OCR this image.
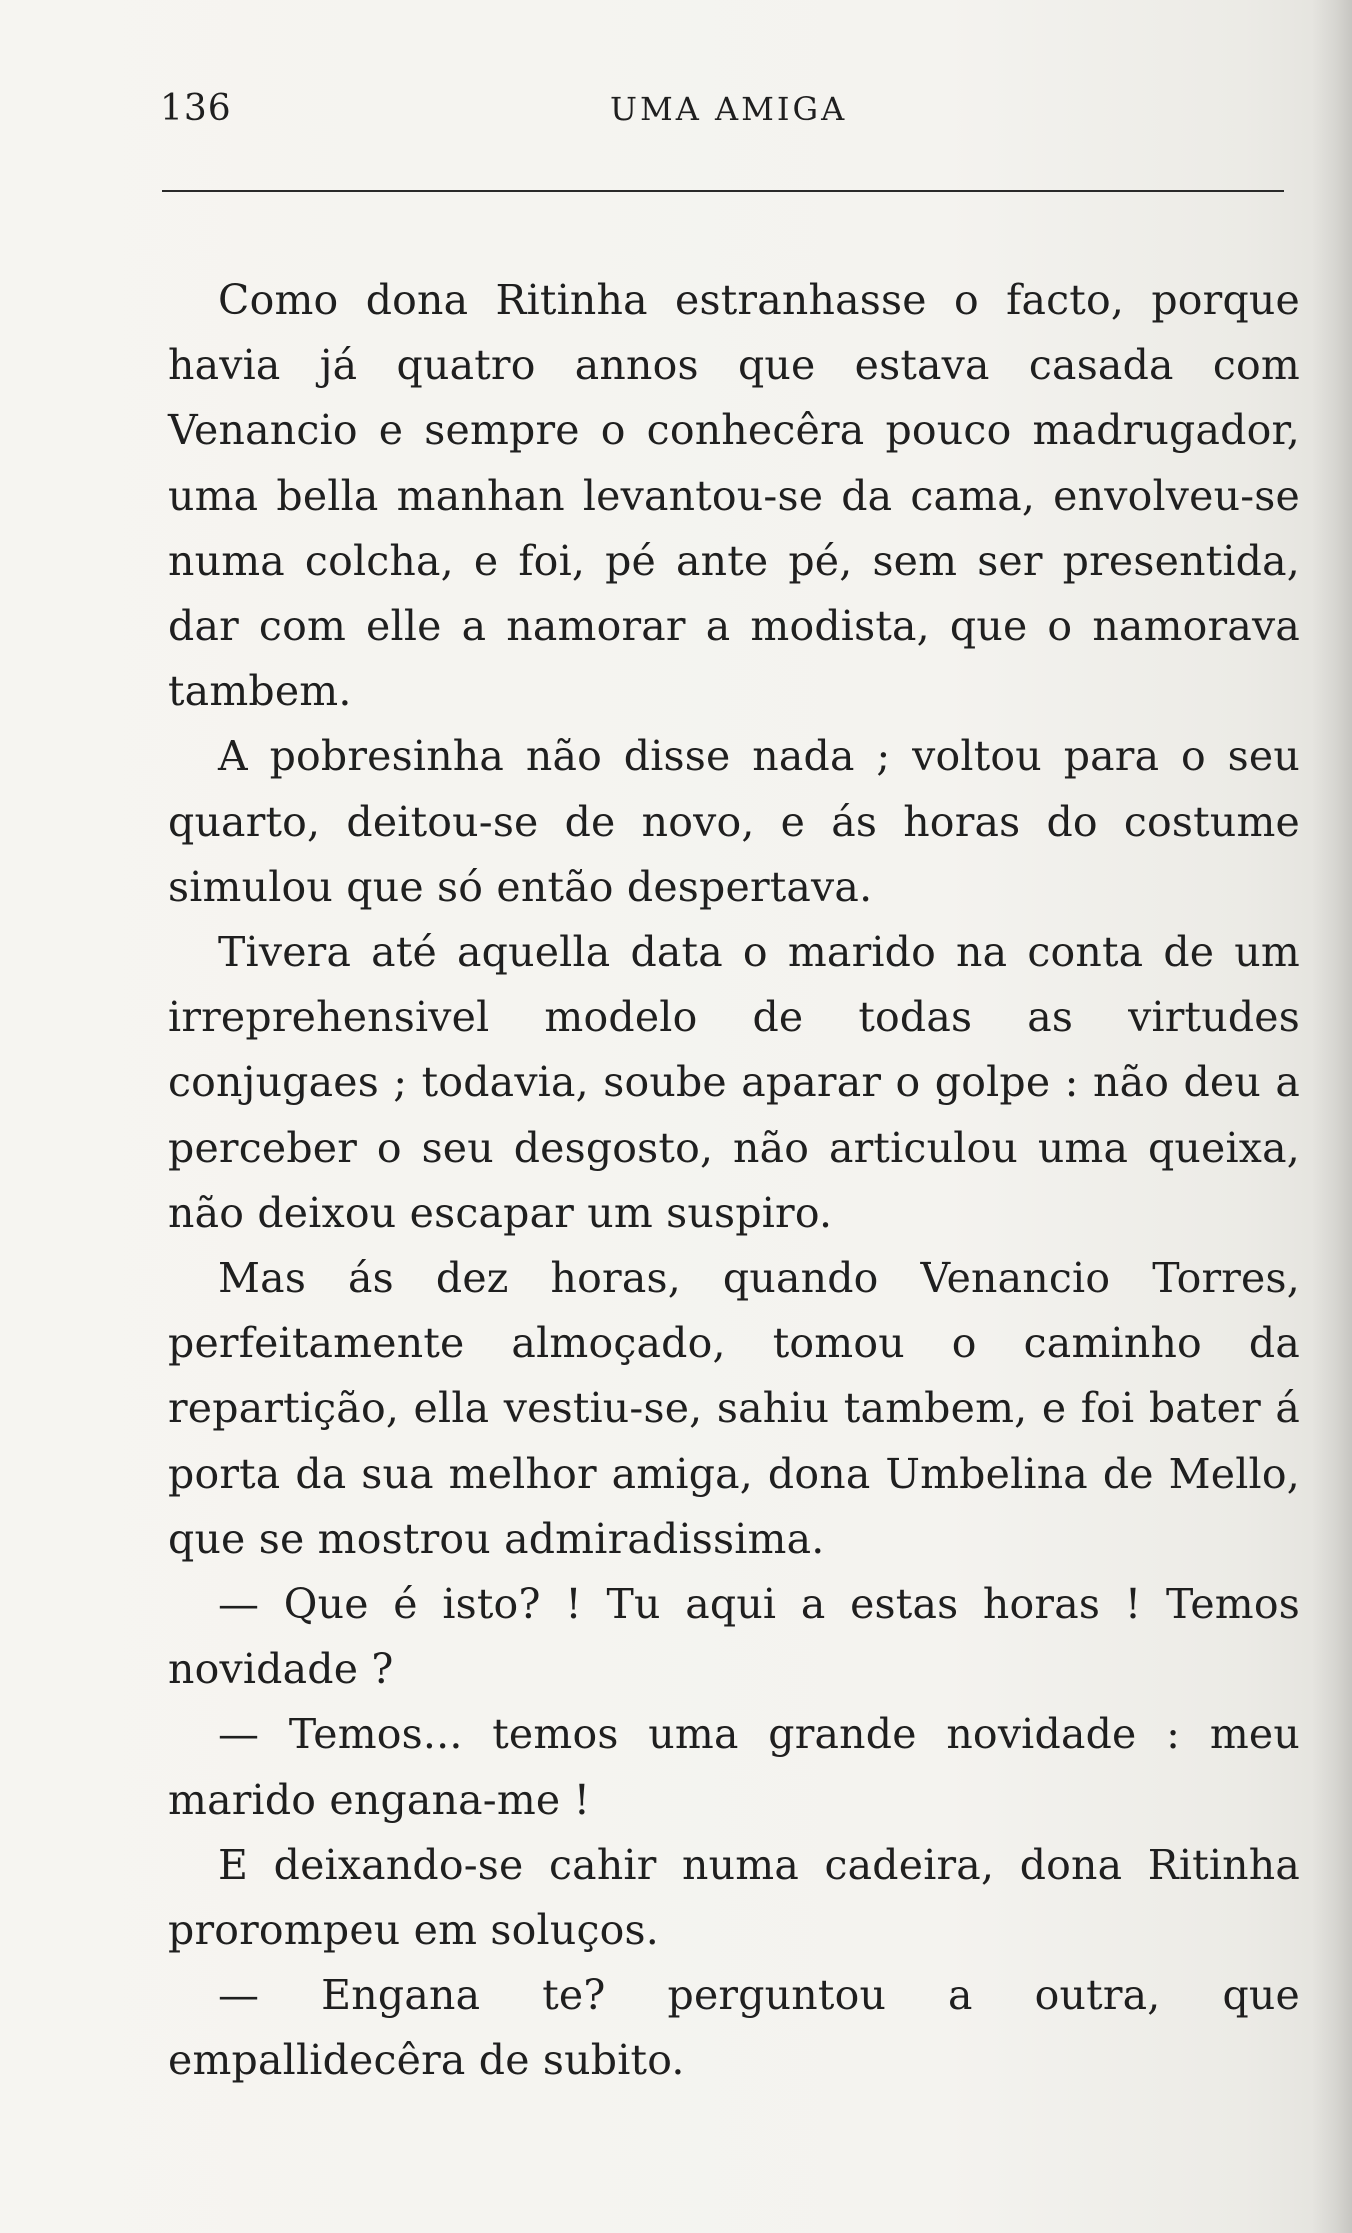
136	UMA AMIGA

Como dona Ritinha estranhasse o facto, porque havia já quatro annos que estava casada com Venancio e sempre o conhecêra pouco madrugador, uma bella manhan levantou-se da cama, envolveu-se numa colcha, e foi, pé ante pé, sem ser presentida, dar com elle a namorar a modista, que o namorava tambem.

A pobresinha não disse nada ; voltou para o seu quarto, deitou-se de novo, e ás horas do costume simulou que só então despertava.

Tivera até aquella data o marido na conta de um irreprehensivel modelo de todas as virtudes conjugaes ; todavia, soube aparar o golpe : não deu a perceber o seu desgosto, não articulou uma queixa, não deixou escapar um suspiro.

Mas ás dez horas, quando Venancio Torres, perfeitamente almoçado, tomou o caminho da repartição, ella vestiu-se, sahiu tambem, e foi bater á porta da sua melhor amiga, dona Umbelina de Mello, que se mostrou admiradissima.

— Que é isto? ! Tu aqui a estas horas ! Temos novidade ?

— Temos... temos uma grande novidade : meu marido engana-me !

E deixando-se cahir numa cadeira, dona Ritinha prorompeu em soluços.

— Engana te? perguntou a outra, que empallidecêra de subito.
